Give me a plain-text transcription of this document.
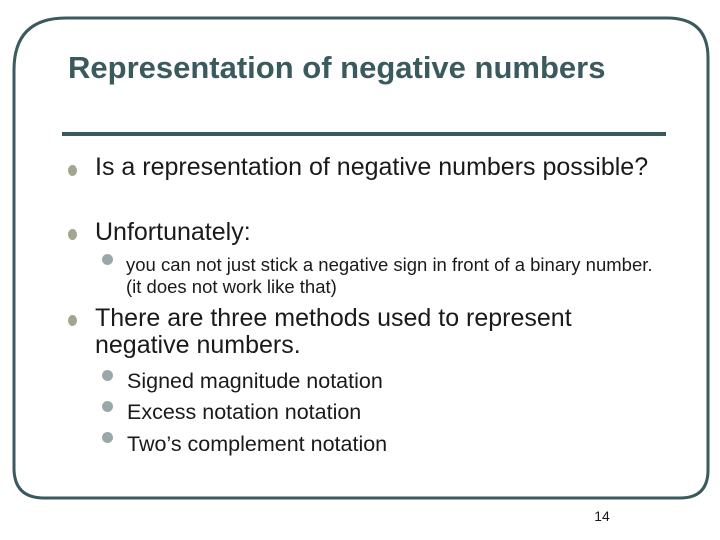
Representation of negative numbers

Is a representation of negative numbers possible?

Unfortunately:

you can not just stick a negative sign in front of a binary number. (it does not work like that)

There are three methods used to represent negative numbers.

Signed magnitude notation

Excess notation notation

Two’s complement notation

14
